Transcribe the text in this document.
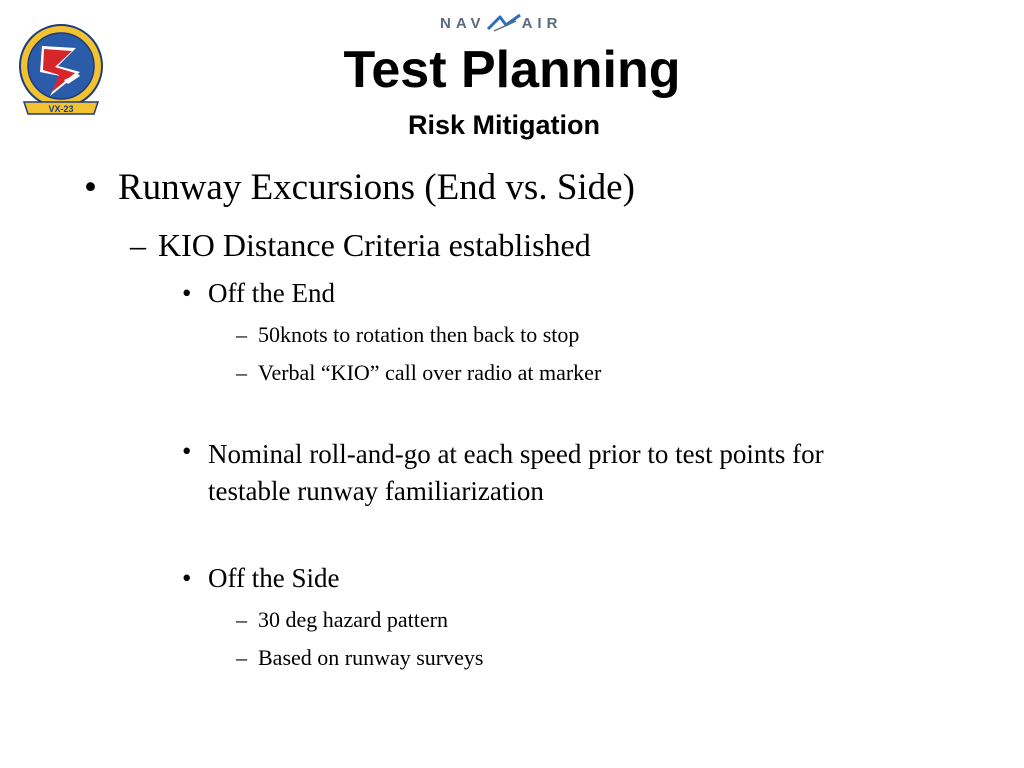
VX-23
NAV AIR
Test Planning
Risk Mitigation
• Runway Excursions (End vs. Side)
– KIO Distance Criteria established
• Off the End
– 50knots to rotation then back to stop
– Verbal “KIO” call over radio at marker
• Nominal roll-and-go at each speed prior to test points for testable runway familiarization
• Off the Side
– 30 deg hazard pattern
– Based on runway surveys
